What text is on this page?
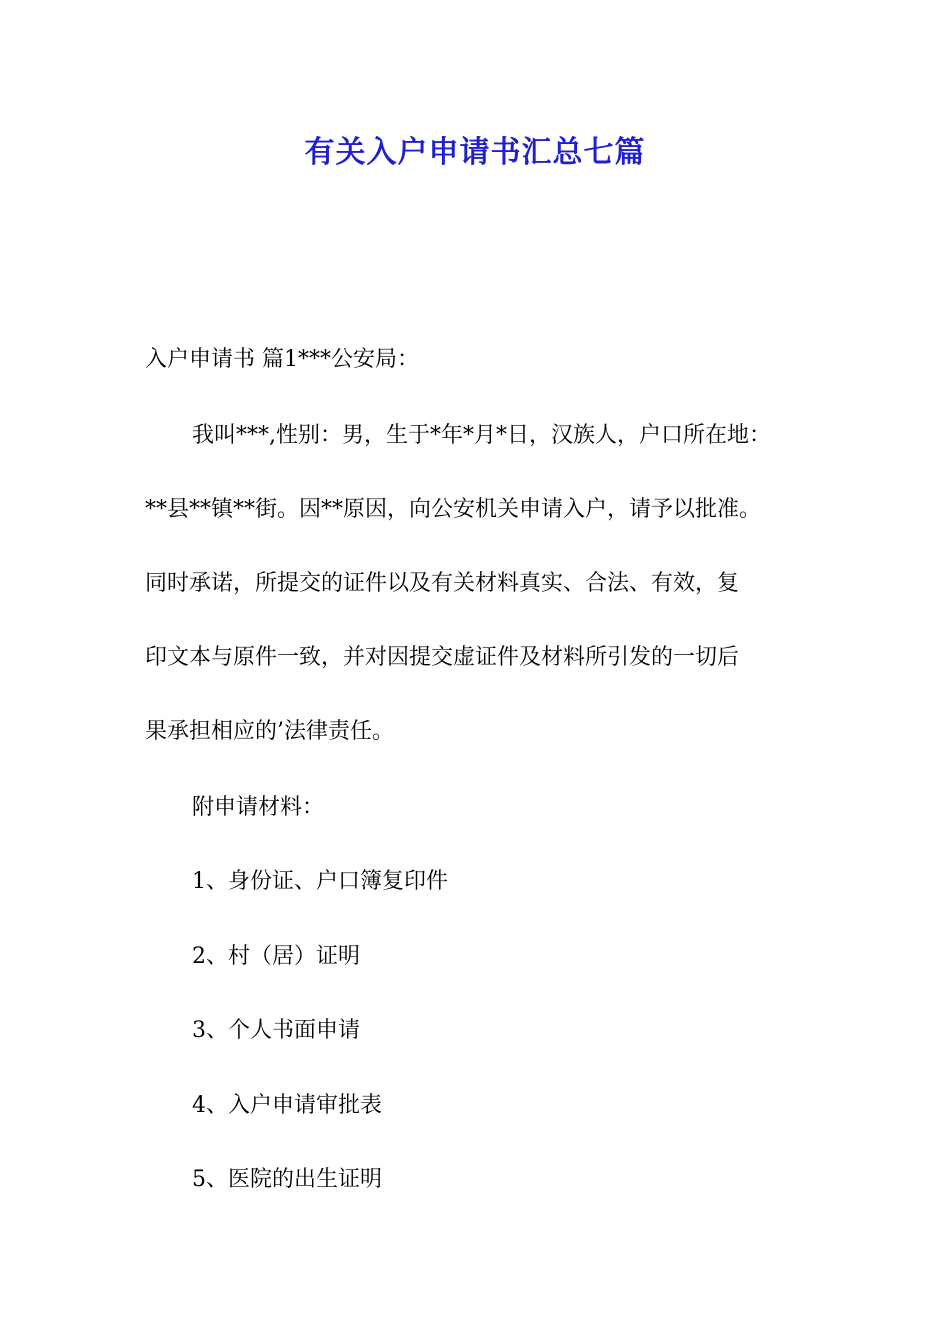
有关入户申请书汇总七篇
入户申请书 篇1***公安局：
我叫***,性别：男，生于*年*月*日，汉族人，户口所在地：
**县**镇**街。因**原因，向公安机关申请入户，请予以批准。
同时承诺，所提交的证件以及有关材料真实、合法、有效，复
印文本与原件一致，并对因提交虚证件及材料所引发的一切后
果承担相应的’法律责任。
附申请材料：
1、身份证、户口簿复印件
2、村（居）证明
3、个人书面申请
4、入户申请审批表
5、医院的出生证明
